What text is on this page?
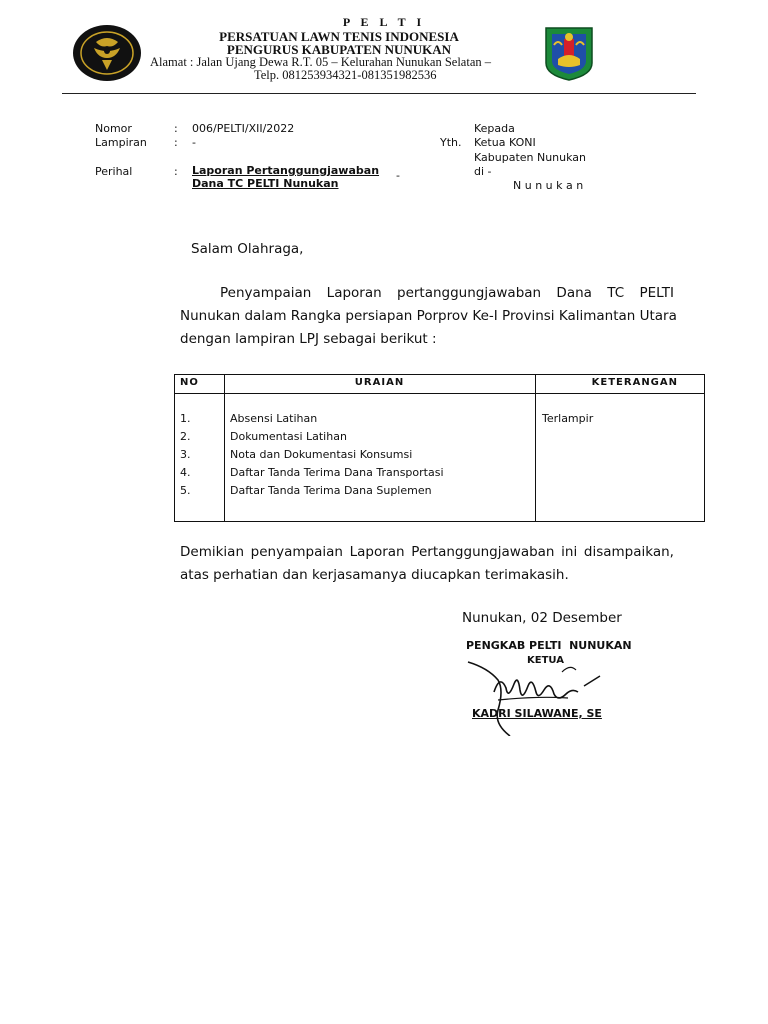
P E L T I
PERSATUAN LAWN TENIS INDONESIA
PENGURUS KABUPATEN NUNUKAN
Alamat : Jalan Ujang Dewa R.T. 05 – Kelurahan Nunukan Selatan –
Telp. 081253934321-081351982536
Nomor	: 006/PELTI/XII/2022
Lampiran : -
Perihal	: Laporan Pertanggungjawaban
Dana TC PELTI Nunukan
-
Yth.
Kepada
Ketua KONI
Kabupaten Nunukan
di -
N u n u k a n
Salam Olahraga,
Penyampaian Laporan pertanggungjawaban Dana TC PELTI
Nunukan dalam Rangka persiapan Porprov Ke-I Provinsi Kalimantan Utara
dengan lampiran LPJ sebagai berikut :
NO	URAIAN	KETERANGAN
1.	Absensi Latihan	Terlampir
2.	Dokumentasi Latihan
3.	Nota dan Dokumentasi Konsumsi
4.	Daftar Tanda Terima Dana Transportasi
5.	Daftar Tanda Terima Dana Suplemen
Demikian penyampaian Laporan Pertanggungjawaban ini disampaikan,
atas perhatian dan kerjasamanya diucapkan terimakasih.
Nunukan, 02 Desember
PENGKAB PELTI  NUNUKAN
KETUA
KADRI SILAWANE, SE
